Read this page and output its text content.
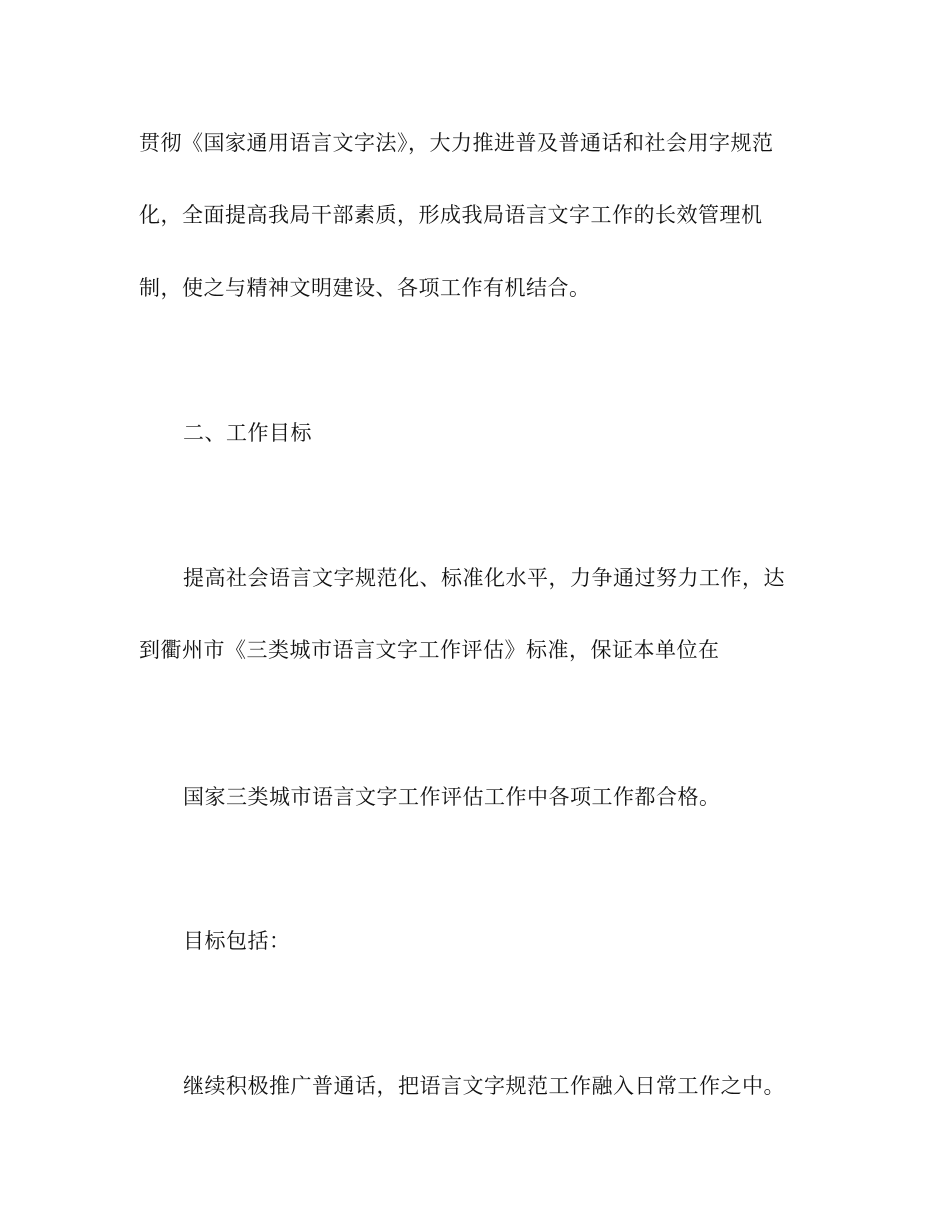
贯彻《国家通用语言文字法》，大力推进普及普通话和社会用字规范
化，全面提高我局干部素质，形成我局语言文字工作的长效管理机
制，使之与精神文明建设、各项工作有机结合。
二、工作目标
提高社会语言文字规范化、标准化水平，力争通过努力工作，达
到衢州市《三类城市语言文字工作评估》标准，保证本单位在
国家三类城市语言文字工作评估工作中各项工作都合格。
目标包括：
继续积极推广普通话，把语言文字规范工作融入日常工作之中。
